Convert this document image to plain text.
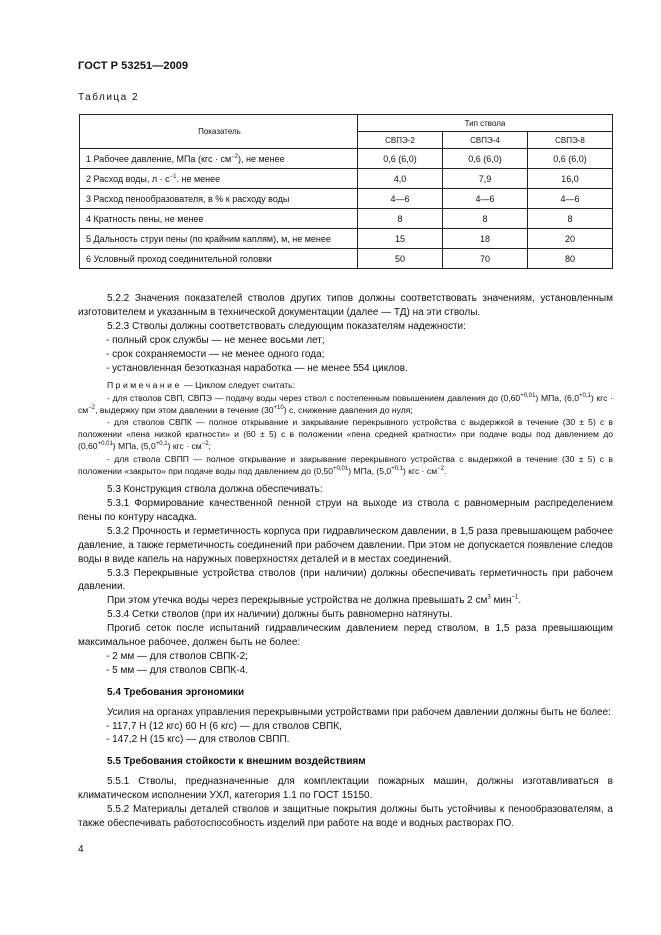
ГОСТ Р 53251—2009
Таблица 2
Показатель	Тип ствола		
	СВПЭ-2	СВПЭ-4	СВПЭ-8
1 Рабочее давление, МПа $(кгс \cdot см^{-2})$, не менее	0,6 (6,0)	0,6 (6,0)	0,6 (6,0)
2 Расход воды, $л \cdot с^{-1}$. не менее	4,0	7,9	16,0
3 Расход пенообразователя, в % к расходу воды	4—6	4—6	4—6
4 Кратность пены, не менее	8	8	8
5 Дальность струи пены (по крайним каплям), м, не менее	15	18	20
6 Условный проход соединительной головки	50	70	80

5.2.2 Значения показателей стволов других типов должны соответствовать значениям, установленным изготовителем и указанным в технической документации (далее — ТД) на эти стволы.

5.2.3 Стволы должны соответствовать следующим показателям надежности:

- полный срок службы — не менее восьми лет;

- срок сохраняемости — не менее одного года;

- установленная безотказная наработка — не менее 554 циклов.

Примечание — Циклом следует считать:

- для стволов СВП, СВПЭ — подачу воды через ствол с постепенным повышением давления до $(0,60^{+0,01})$ МПа, $(6,0^{+0,1})$ кгс · $см^{-2}$, выдержку при этом давлении в течение $(30^{+10})$ с, снижение давления до нуля;

- для стволов СВПК — полное открывание и закрывание перекрывного устройства с выдержкой в течение (30 ± 5) с в положении «пена низкой кратности» и (60 ± 5) с в положении «пена средней кратности» при подаче воды под давлением до $(0,60^{+0,01})$ МПа, $(5,0^{+0,1})$ кгс · $см^{-2}$;

- для ствола СВПП — полное открывание и закрывание перекрывного устройства с выдержкой в течение (30 ± 5) с в положении «закрыто» при подаче воды под давлением до $(0,50^{+0,01})$ МПа, $(5,0^{+0,1})$ кгс · $см^{-2}$.

5.3 Конструкция ствола должна обеспечивать:

5.3.1 Формирование качественной пенной струи на выходе из ствола с равномерным распределением пены по контуру насадка.

5.3.2 Прочность и герметичность корпуса при гидравлическом давлении, в 1,5 раза превышающем рабочее давление, а также герметичность соединений при рабочем давлении. При этом не допускается появление следов воды в виде капель на наружных поверхностях деталей и в местах соединений.

5.3.3 Перекрывные устройства стволов (при наличии) должны обеспечивать герметичность при рабочем давлении.

При этом утечка воды через перекрывные устройства не должна превышать 2 $см^3$ мин$^{-1}$.

5.3.4 Сетки стволов (при их наличии) должны быть равномерно натянуты.

Прогиб сеток после испытаний гидравлическим давлением перед стволом, в 1,5 раза превышающим максимальное рабочее, должен быть не более:

- 2 мм — для стволов СВПК-2;

- 5 мм — для стволов СВПК-4.

5.4 Требования эргономики

Усилия на органах управления перекрывными устройствами при рабочем давлении должны быть не более:

- 117,7 Н (12 кгс) 60 Н (6 кгс) — для стволов СВПК,

- 147,2 Н (15 кгс) — для стволов СВПП.

5.5 Требования стойкости к внешним воздействиям

5.5.1 Стволы, предназначенные для комплектации пожарных машин, должны изготавливаться в климатическом исполнении УХЛ, категория 1.1 по ГОСТ 15150.

5.5.2 Материалы деталей стволов и защитные покрытия должны быть устойчивы к пенообразователям, а также обеспечивать работоспособность изделий при работе на воде и водных растворах ПО.

4
